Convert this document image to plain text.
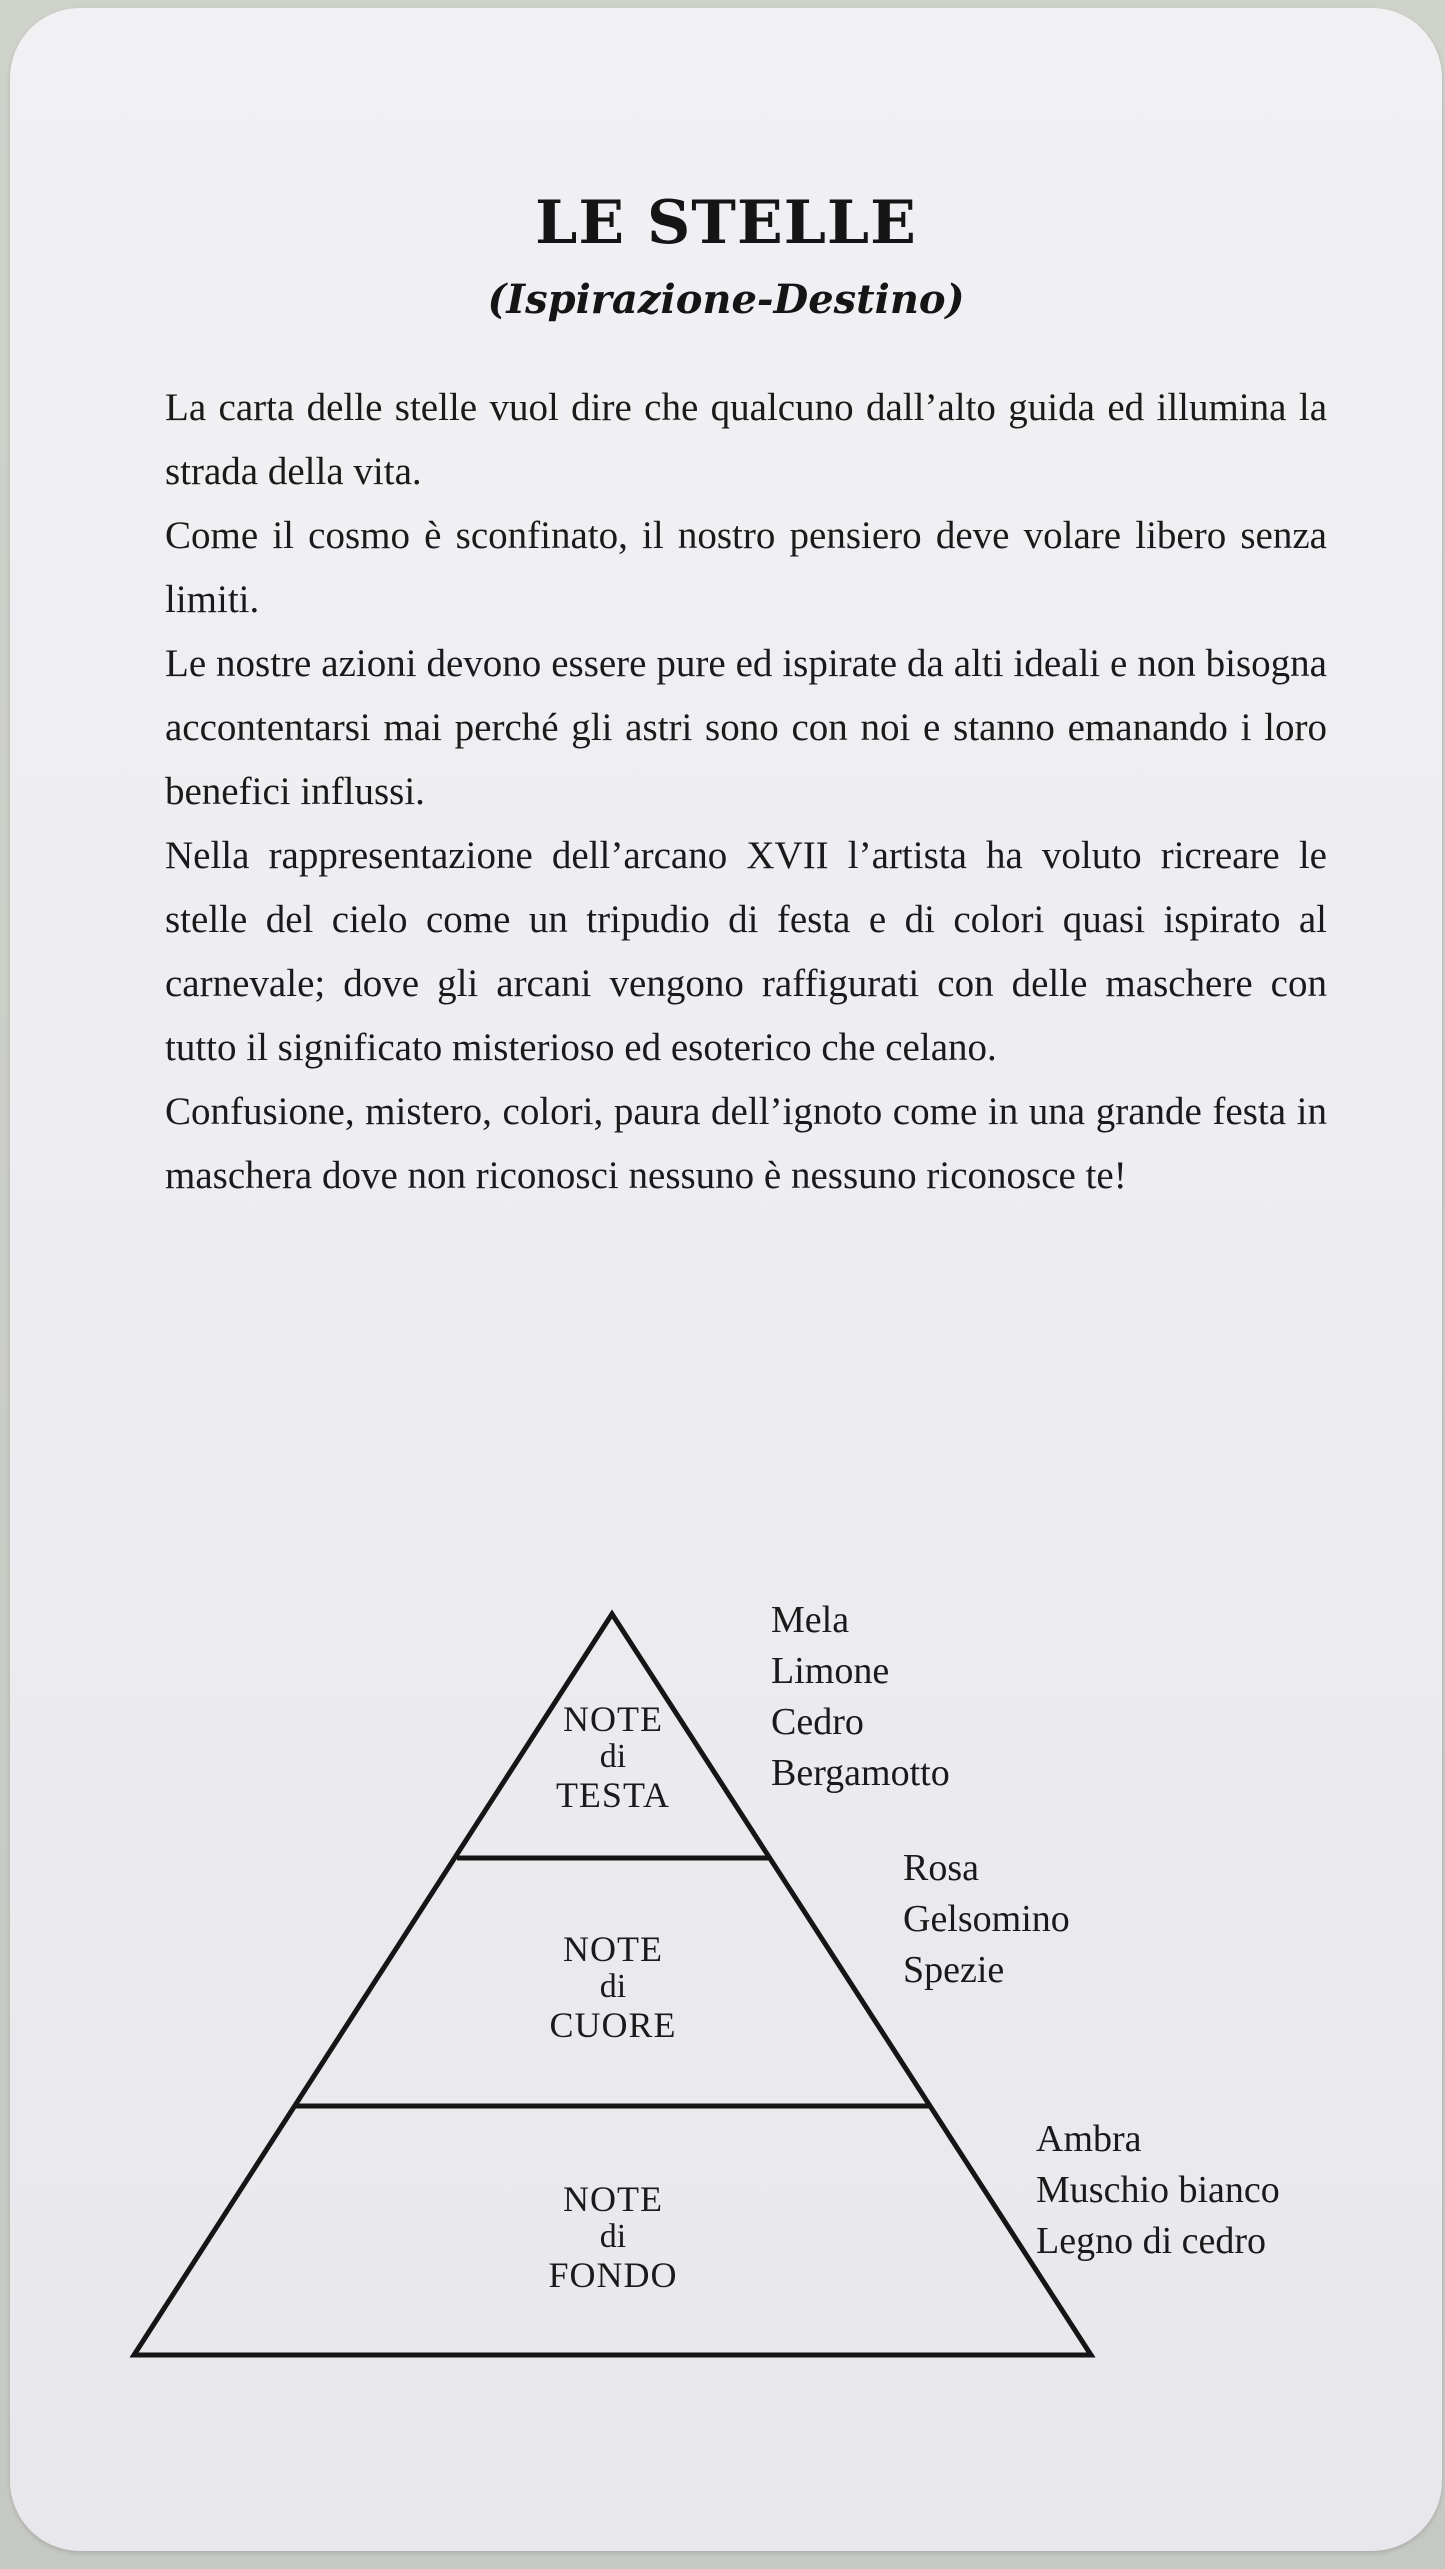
LE STELLE
(Ispirazione-Destino)

La carta delle stelle vuol dire che qualcuno dall’alto guida ed illumina la strada della vita.

Come il cosmo è sconfinato, il nostro pensiero deve volare libero senza limiti.

Le nostre azioni devono essere pure ed ispirate da alti ideali e non bisogna accontentarsi mai perché gli astri sono con noi e stanno emanando i loro benefici influssi.

Nella rappresentazione dell’arcano XVII l’artista ha voluto ricreare le stelle del cielo come un tripudio di festa e di colori quasi ispirato al carnevale; dove gli arcani vengono raffigurati con delle maschere con tutto il significato misterioso ed esoterico che celano.

Confusione, mistero, colori, paura dell’ignoto come in una grande festa in maschera dove non riconosci nessuno è nessuno riconosce te!

NOTE
di
TESTA
NOTE
di
CUORE
NOTE
di
FONDO
Mela
Limone
Cedro
Bergamotto
Rosa
Gelsomino
Spezie
Ambra
Muschio bianco
Legno di cedro
